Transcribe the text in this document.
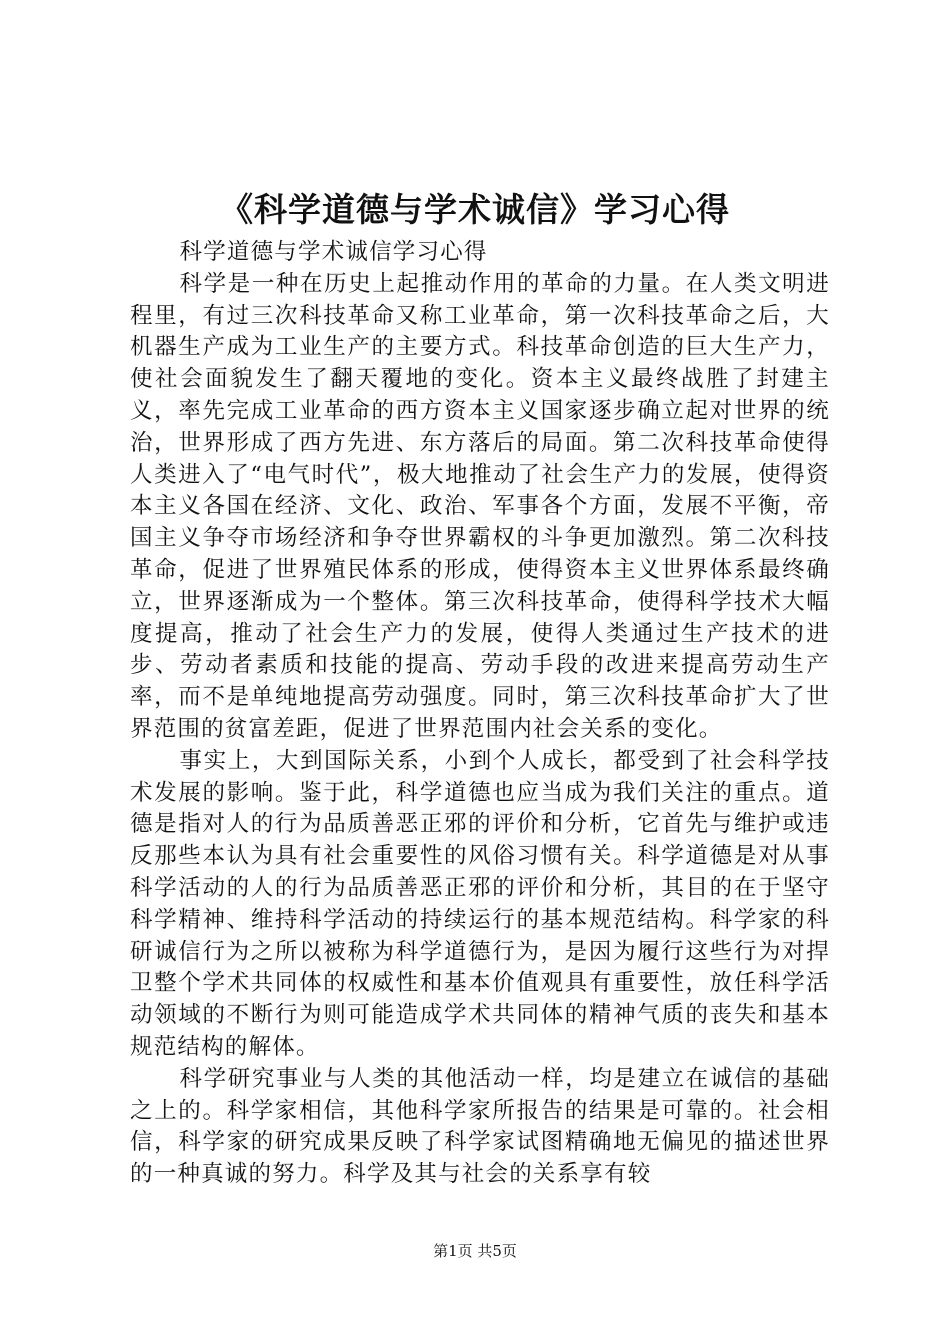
《科学道德与学术诚信》学习心得

科学道德与学术诚信学习心得

科学是一种在历史上起推动作用的革命的力量。在人类文明进程里，有过三次科技革命又称工业革命，第一次科技革命之后，大机器生产成为工业生产的主要方式。科技革命创造的巨大生产力，使社会面貌发生了翻天覆地的变化。资本主义最终战胜了封建主义，率先完成工业革命的西方资本主义国家逐步确立起对世界的统治，世界形成了西方先进、东方落后的局面。第二次科技革命使得人类进入了“电气时代”，极大地推动了社会生产力的发展，使得资本主义各国在经济、文化、政治、军事各个方面，发展不平衡，帝国主义争夺市场经济和争夺世界霸权的斗争更加激烈。第二次科技革命，促进了世界殖民体系的形成，使得资本主义世界体系最终确立，世界逐渐成为一个整体。第三次科技革命，使得科学技术大幅度提高，推动了社会生产力的发展，使得人类通过生产技术的进步、劳动者素质和技能的提高、劳动手段的改进来提高劳动生产率，而不是单纯地提高劳动强度。同时，第三次科技革命扩大了世界范围的贫富差距，促进了世界范围内社会关系的变化。

事实上，大到国际关系，小到个人成长，都受到了社会科学技术发展的影响。鉴于此，科学道德也应当成为我们关注的重点。道德是指对人的行为品质善恶正邪的评价和分析，它首先与维护或违反那些本认为具有社会重要性的风俗习惯有关。科学道德是对从事科学活动的人的行为品质善恶正邪的评价和分析，其目的在于坚守科学精神、维持科学活动的持续运行的基本规范结构。科学家的科研诚信行为之所以被称为科学道德行为，是因为履行这些行为对捍卫整个学术共同体的权威性和基本价值观具有重要性，放任科学活动领域的不断行为则可能造成学术共同体的精神气质的丧失和基本规范结构的解体。

科学研究事业与人类的其他活动一样，均是建立在诚信的基础之上的。科学家相信，其他科学家所报告的结果是可靠的。社会相信，科学家的研究成果反映了科学家试图精确地无偏见的描述世界的一种真诚的努力。科学及其与社会的关系享有较

第1页 共5页
